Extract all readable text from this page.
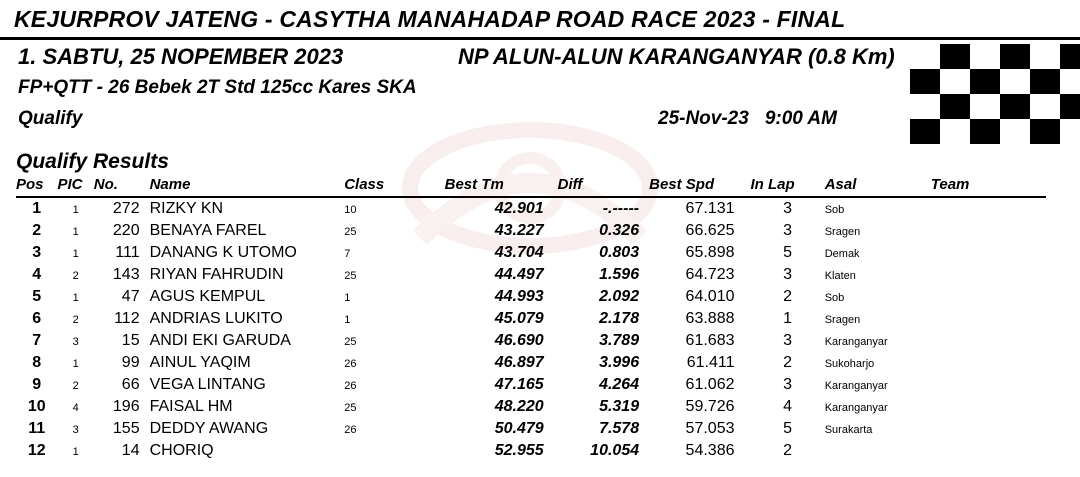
KEJURPROV JATENG - CASYTHA MANAHADAP ROAD RACE 2023 - FINAL
1. SABTU, 25 NOPEMBER 2023	NP ALUN-ALUN KARANGANYAR (0.8 Km)
FP+QTT - 26 Bebek 2T Std 125cc Kares SKA
Qualify	25-Nov-23 9:00 AM
Qualify Results
Pos	PIC	No.	Name	Class	Best Tm	Diff	Best Spd	In Lap	Asal	Team
1	1	272	RIZKY KN	10	42.901	-.-----	67.131	3	Sob	
2	1	220	BENAYA FAREL	25	43.227	0.326	66.625	3	Sragen	
3	1	111	DANANG K UTOMO	7	43.704	0.803	65.898	5	Demak	
4	2	143	RIYAN FAHRUDIN	25	44.497	1.596	64.723	3	Klaten	
5	1	47	AGUS KEMPUL	1	44.993	2.092	64.010	2	Sob	
6	2	112	ANDRIAS LUKITO	1	45.079	2.178	63.888	1	Sragen	
7	3	15	ANDI EKI GARUDA	25	46.690	3.789	61.683	3	Karanganyar	
8	1	99	AINUL YAQIM	26	46.897	3.996	61.411	2	Sukoharjo	
9	2	66	VEGA LINTANG	26	47.165	4.264	61.062	3	Karanganyar	
10	4	196	FAISAL HM	25	48.220	5.319	59.726	4	Karanganyar	
11	3	155	DEDDY AWANG	26	50.479	7.578	57.053	5	Surakarta	
12	1	14	CHORIQ		52.955	10.054	54.386	2		
